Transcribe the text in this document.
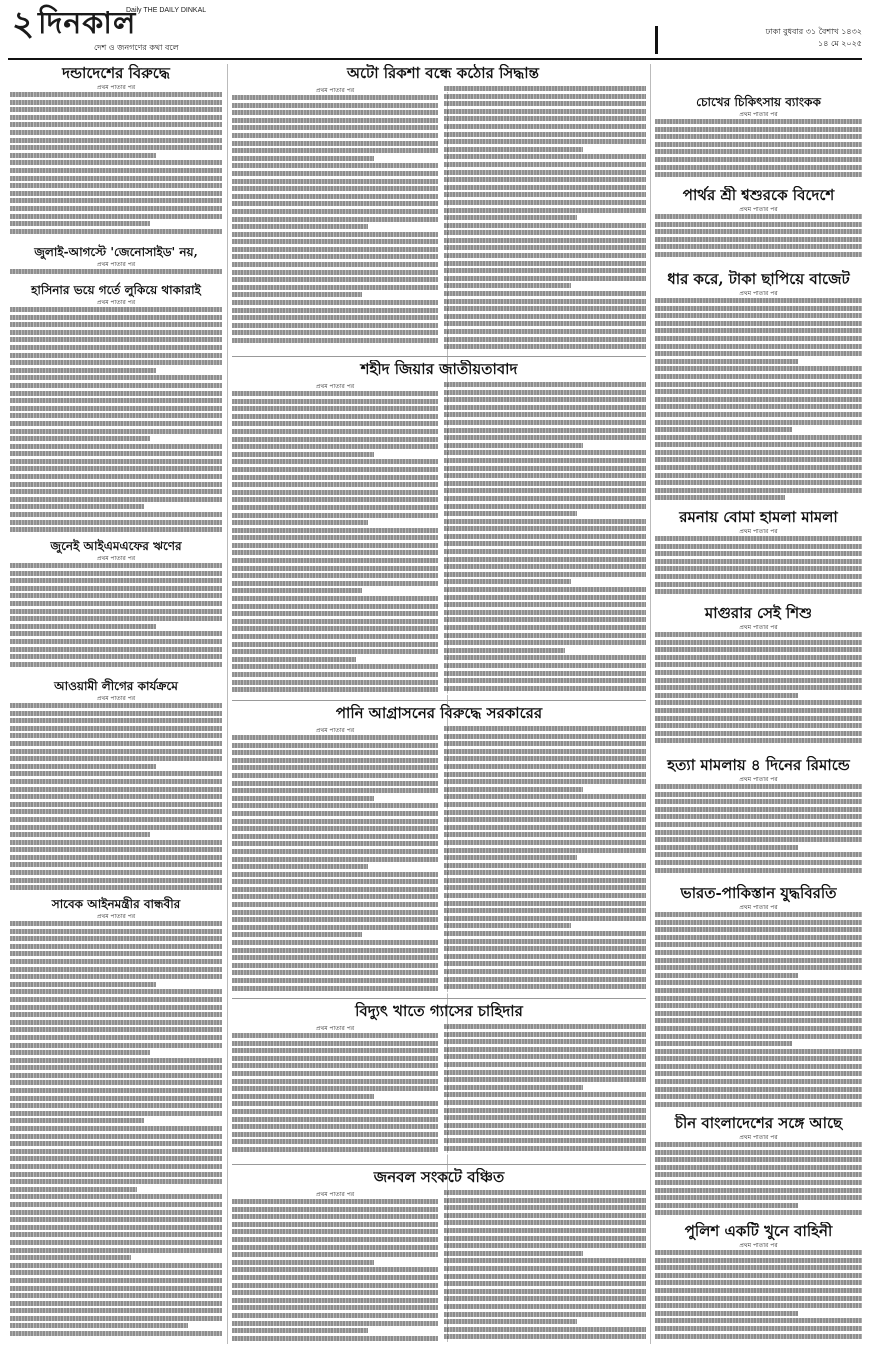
২ দিনকাল
Daily THE DAILY DINKAL
দেশ ও জনগণের কথা বলে
ঢাকা বুধবার ৩১ বৈশাখ ১৪৩২
১৪ মে ২০২৫
দন্ডাদেশের বিরুদ্ধে
প্রথম পাতার পর
জুলাই-আগস্টে 'জেনোসাইড' নয়,
প্রথম পাতার পর
হাসিনার ভয়ে গর্তে লুকিয়ে থাকারাই
প্রথম পাতার পর
জুনেই আইএমএফের ঋণের
প্রথম পাতার পর
আওয়ামী লীগের কার্যক্রমে
প্রথম পাতার পর
সাবেক আইনমন্ত্রীর বান্ধবীর
প্রথম পাতার পর
অটো রিকশা বন্ধে কঠোর সিদ্ধান্ত
প্রথম পাতার পর
শহীদ জিয়ার জাতীয়তাবাদ
প্রথম পাতার পর
পানি আগ্রাসনের বিরুদ্ধে সরকারের
প্রথম পাতার পর
বিদ্যুৎ খাতে গ্যাসের চাহিদার
প্রথম পাতার পর
জনবল সংকটে বঞ্চিত
প্রথম পাতার পর
চোখের চিকিৎসায় ব্যাংকক
প্রথম পাতার পর
পার্থর শ্রী শ্বশুরকে বিদেশে
প্রথম পাতার পর
ধার করে, টাকা ছাপিয়ে বাজেট
প্রথম পাতার পর
রমনায় বোমা হামলা মামলা
প্রথম পাতার পর
মাগুরার সেই শিশু
প্রথম পাতার পর
হত্যা মামলায় ৪ দিনের রিমান্ডে
প্রথম পাতার পর
ভারত-পাকিস্তান যুদ্ধবিরতি
প্রথম পাতার পর
চীন বাংলাদেশের সঙ্গে আছে
প্রথম পাতার পর
পুলিশ একটি খুনে বাহিনী
প্রথম পাতার পর
